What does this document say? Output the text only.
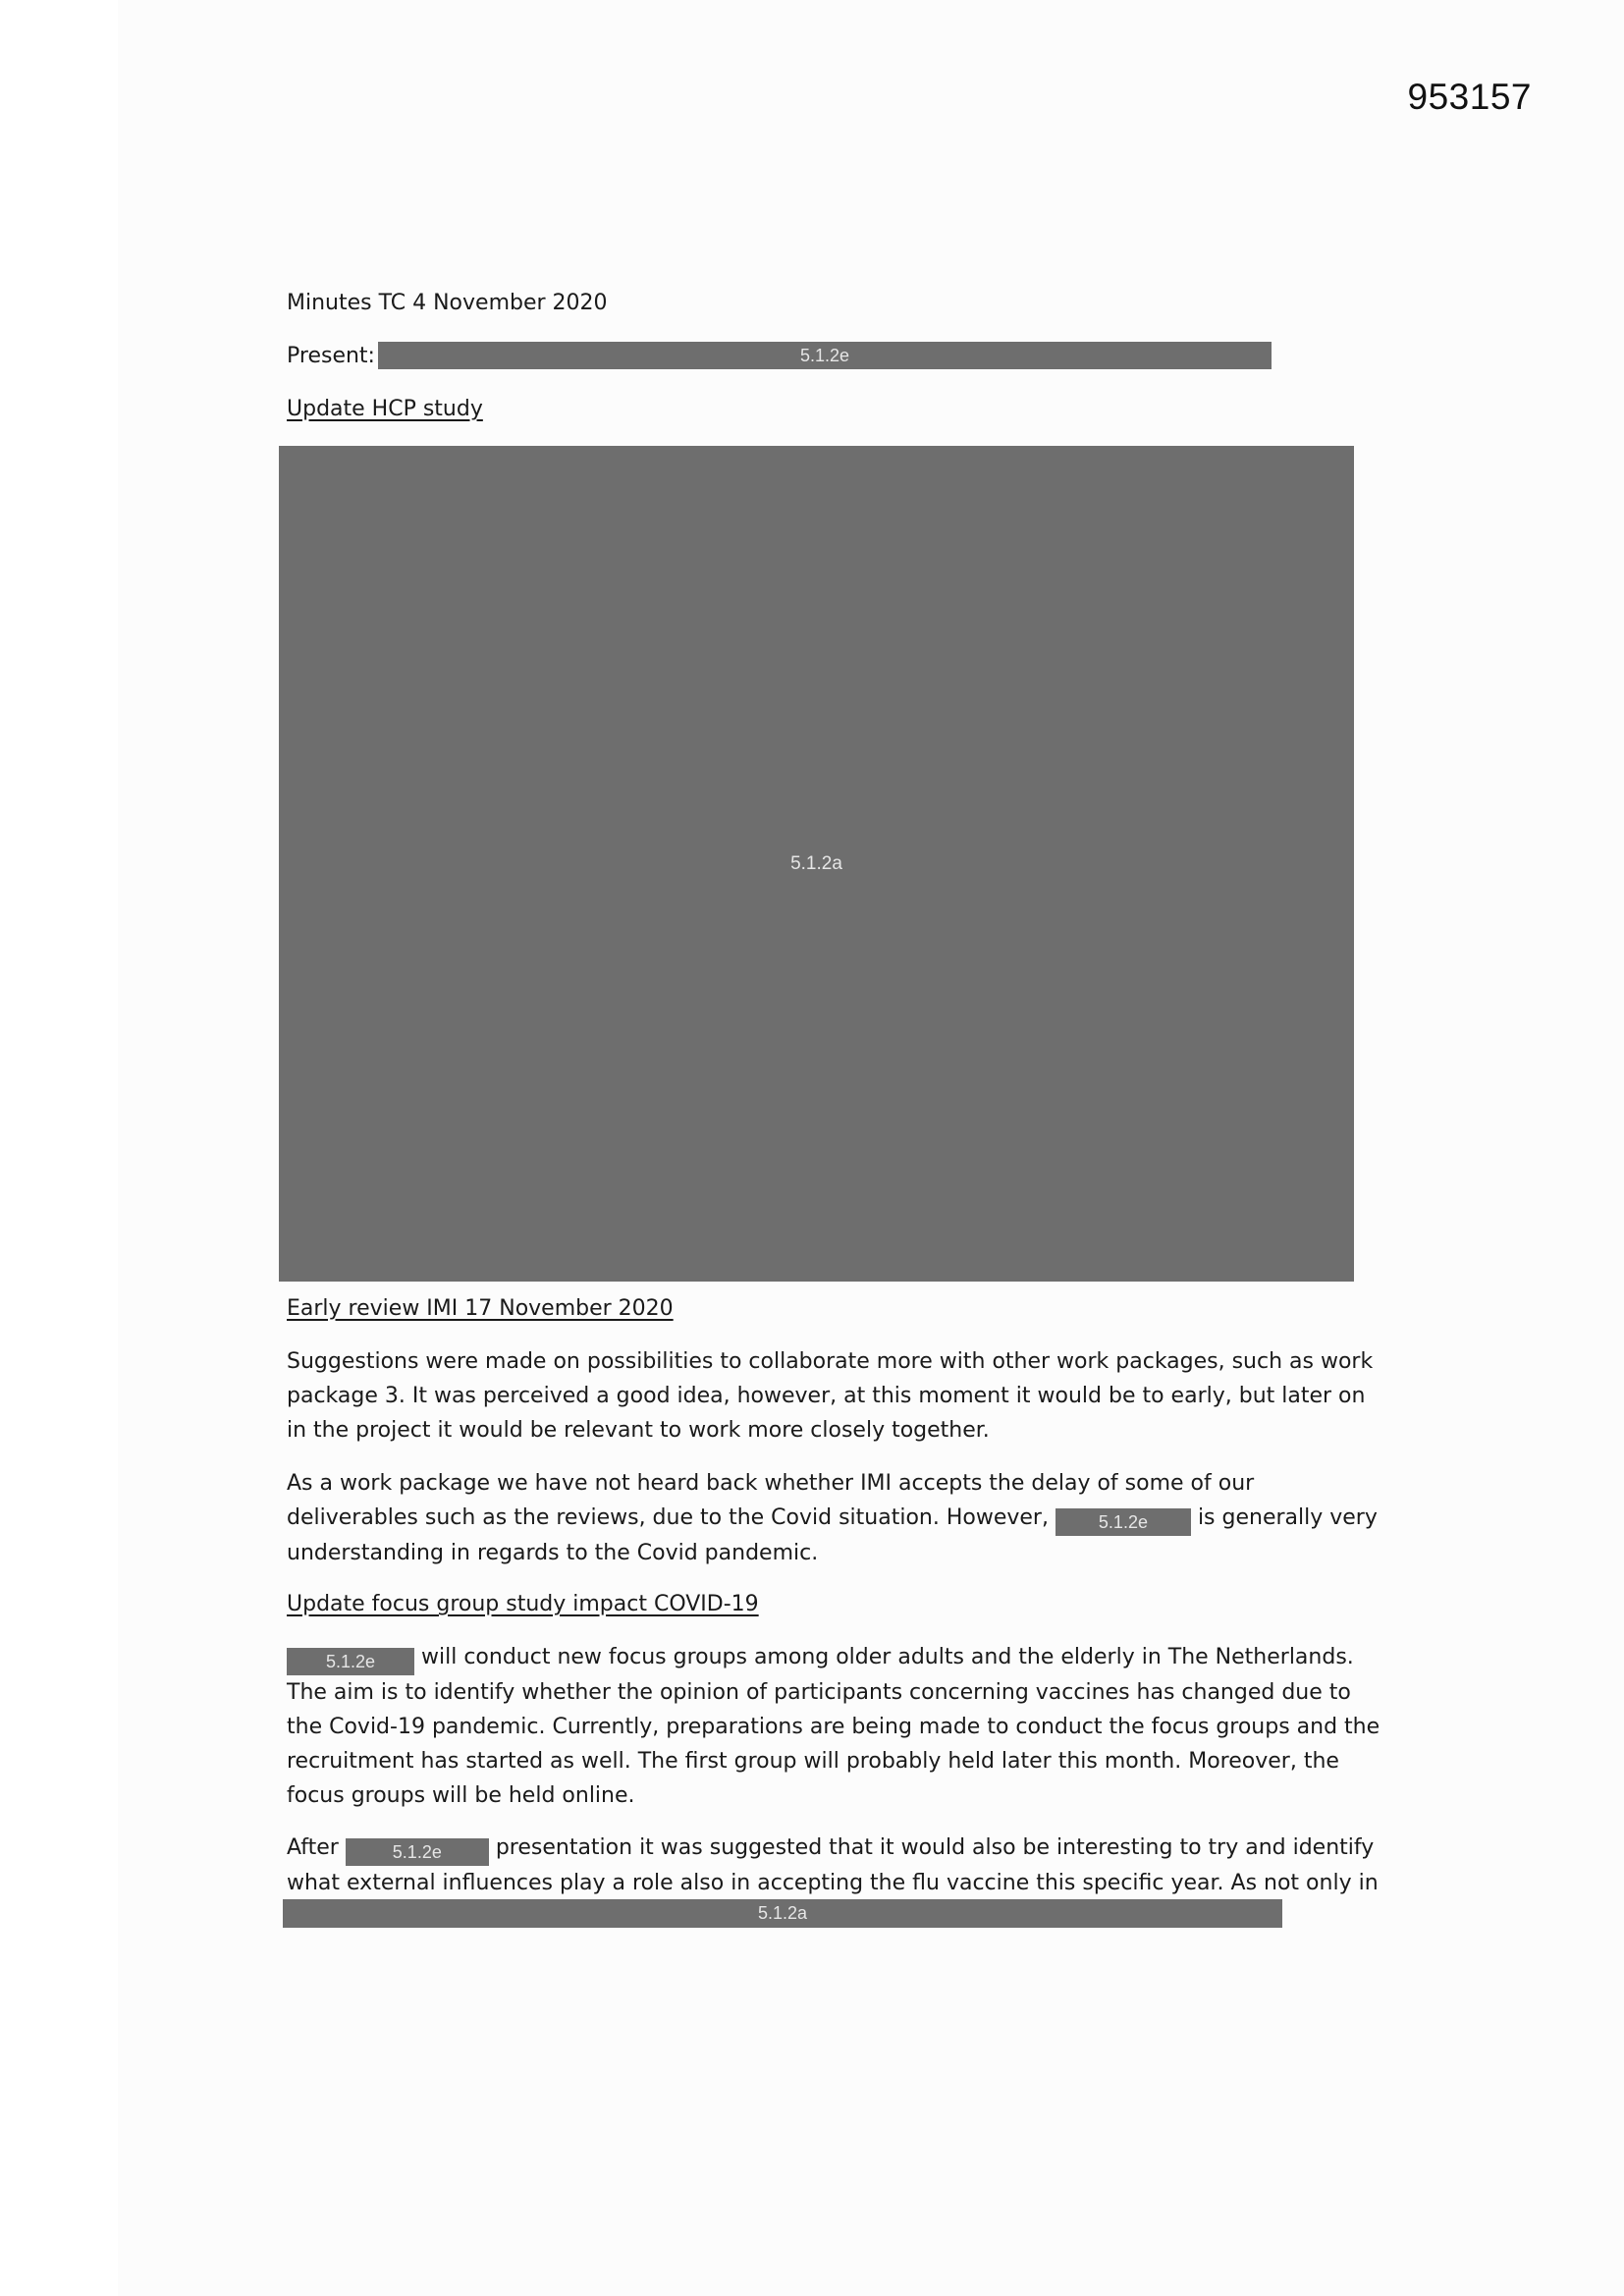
953157
Minutes TC 4 November 2020
Present:	5.1.2e
Update HCP study
5.1.2a
Early review IMI 17 November 2020
Suggestions were made on possibilities to collaborate more with other work packages, such as work
package 3. It was perceived a good idea, however, at this moment it would be to early, but later on
in the project it would be relevant to work more closely together.
As a work package we have not heard back whether IMI accepts the delay of some of our
deliverables such as the reviews, due to the Covid situation. However, 5.1.2e is generally very
understanding in regards to the Covid pandemic.
Update focus group study impact COVID-19
5.1.2e will conduct new focus groups among older adults and the elderly in The Netherlands.
The aim is to identify whether the opinion of participants concerning vaccines has changed due to
the Covid-19 pandemic. Currently, preparations are being made to conduct the focus groups and the
recruitment has started as well. The first group will probably held later this month. Moreover, the
focus groups will be held online.
After	5.1.2e presentation it was suggested that it would also be interesting to try and identify
what external influences play a role also in accepting the flu vaccine this specific year. As not only in
5.1.2a
